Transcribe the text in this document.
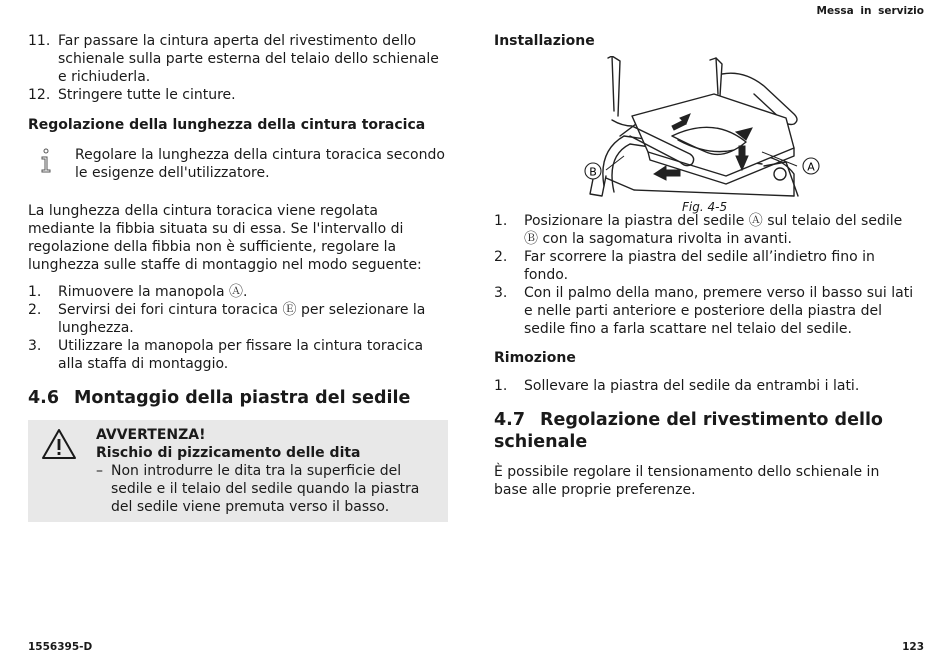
Messa in servizio
11. Far passare la cintura aperta del rivestimento dello schienale sulla parte esterna del telaio dello schienale e richiuderla.
12. Stringere tutte le cinture.

Regolazione della lunghezza della cintura toracica

Regolare la lunghezza della cintura toracica secondo le esigenze dell'utilizzatore.

La lunghezza della cintura toracica viene regolata mediante la fibbia situata su di essa. Se l'intervallo di regolazione della fibbia non è sufficiente, regolare la lunghezza sulle staffe di montaggio nel modo seguente:

1. Rimuovere la manopola Ⓐ.
2. Servirsi dei fori cintura toracica Ⓔ per selezionare la lunghezza.
3. Utilizzare la manopola per fissare la cintura toracica alla staffa di montaggio.
4.6 Montaggio della piastra del sedile
AVVERTENZA!
Rischio di pizzicamento delle dita
– Non introdurre le dita tra la superficie del sedile e il telaio del sedile quando la piastra del sedile viene premuta verso il basso.

Installazione

A
B
Fig. 4-5
1. Posizionare la piastra del sedile Ⓐ sul telaio del sedile Ⓑ con la sagomatura rivolta in avanti.
2. Far scorrere la piastra del sedile all’indietro fino in fondo.
3. Con il palmo della mano, premere verso il basso sui lati e nelle parti anteriore e posteriore della piastra del sedile fino a farla scattare nel telaio del sedile.

Rimozione

1. Sollevare la piastra del sedile da entrambi i lati.
4.7 Regolazione del rivestimento dello schienale

È possibile regolare il tensionamento dello schienale in base alle proprie preferenze.

1556395-D	123
